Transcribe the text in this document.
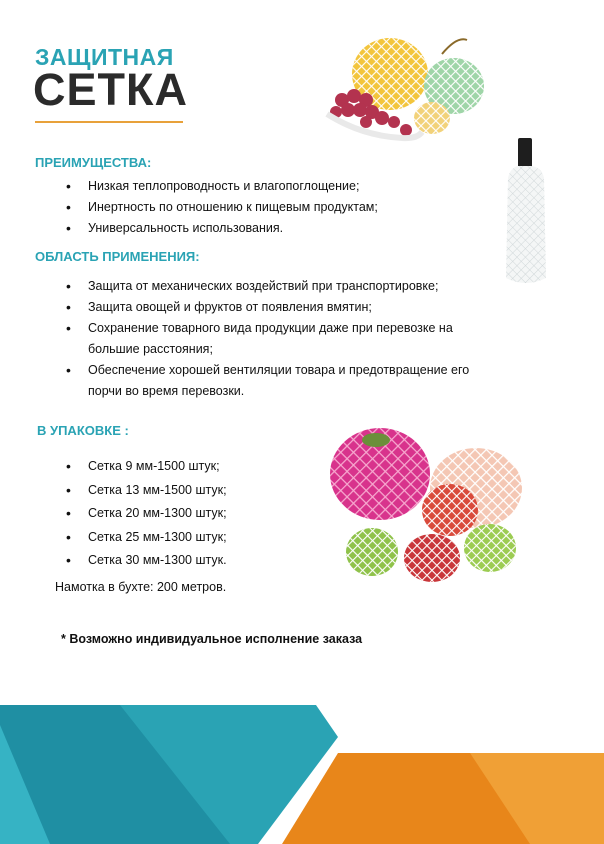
ЗАЩИТНАЯ
СЕТКА
ПРЕИМУЩЕСТВА:
• Низкая теплопроводность и влагопоглощение;
• Инертность по отношению к пищевым продуктам;
• Универсальность использования.
ОБЛАСТЬ ПРИМЕНЕНИЯ:
• Защита от механических воздействий при транспортировке;
• Защита овощей и фруктов от появления вмятин;
• Сохранение товарного вида продукции даже при перевозке на большие расстояния;
• Обеспечение хорошей вентиляции товара и предотвращение его порчи во время перевозки.
В УПАКОВКЕ :
• Сетка 9 мм-1500 штук;
• Сетка 13 мм-1500 штук;
• Сетка 20 мм-1300 штук;
• Сетка 25 мм-1300 штук;
• Сетка 30 мм-1300 штук.
Намотка в бухте: 200 метров.
* Возможно индивидуальное исполнение заказа
